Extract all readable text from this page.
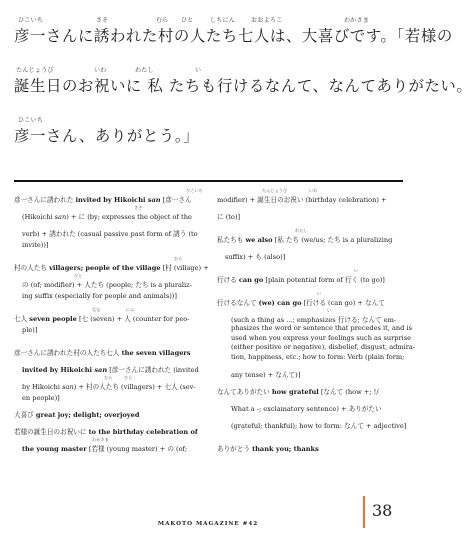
ひこいち	さそ	むら ひと	しちにん	おおよろこ	わかさま
彦一さんに誘われた村の人たち七人は、大喜びです。「若様の
たんじょうび	いわ	わたし	い
誕生日のお祝いに 私 たちも行けるなんて、なんてありがたい。
ひこいち
彦一さん、ありがとう。」
ひこいち
彦一さんに誘われた invited by Hikoichi san [彦一さん
さそ
(Hikoichi san) + に (by; expresses the object of the
verb) + 誘われた (casual passive past form of 誘う (to
invite))]
むら
村の人たち villagers; people of the village [村 (village) +
ひと
の (of; modifier) + 人たち (people; たち is a pluraliz-
ing suffix (especially for people and animals))]
なな	にん
七人 seven people [七 (seven) + 人 (counter for peo-
ple)]
彦一さんに誘われた村の人たち七人 the seven villagers
invited by Hikoichi san [彦一さんに誘われた (invited
むら	ひと
by Hikoichi san) + 村の人たち (villagers) + 七人 (sev-
en people)]
大喜び great joy; delight; overjoyed
若様の誕生日のお祝いに to the birthday celebration of
わかさま
the young master [若様 (young master) + の (of;
たんじょうび	いわ
modifier) + 誕生日のお祝い (birthday celebration) +
に (to)]
わたし
私たちも we also [私 たち (we/us; たち is a pluralizing
suffix) + も (also)]
い
行ける can go [plain potential form of 行く (to go)]
い
行けるなんて (we) can go [行ける (can go) + なんて
い
(such a thing as ...; emphasizes 行ける; なんて em-
phasizes the word or sentence that precedes it, and is
used when you express your feelings such as surprise
(either positive or negative), disbelief, disgust, admira-
tion, happiness, etc.; how to form: Verb (plain form;
any tense) + なんて)]
なんてありがたい how grateful [なんて (how +; !/
What a -; exclamatory sentence) + ありがたい
(grateful; thankful); how to form: なんて + adjective]
ありがとう thank you; thanks
38
MAKOTO MAGAZINE #42
